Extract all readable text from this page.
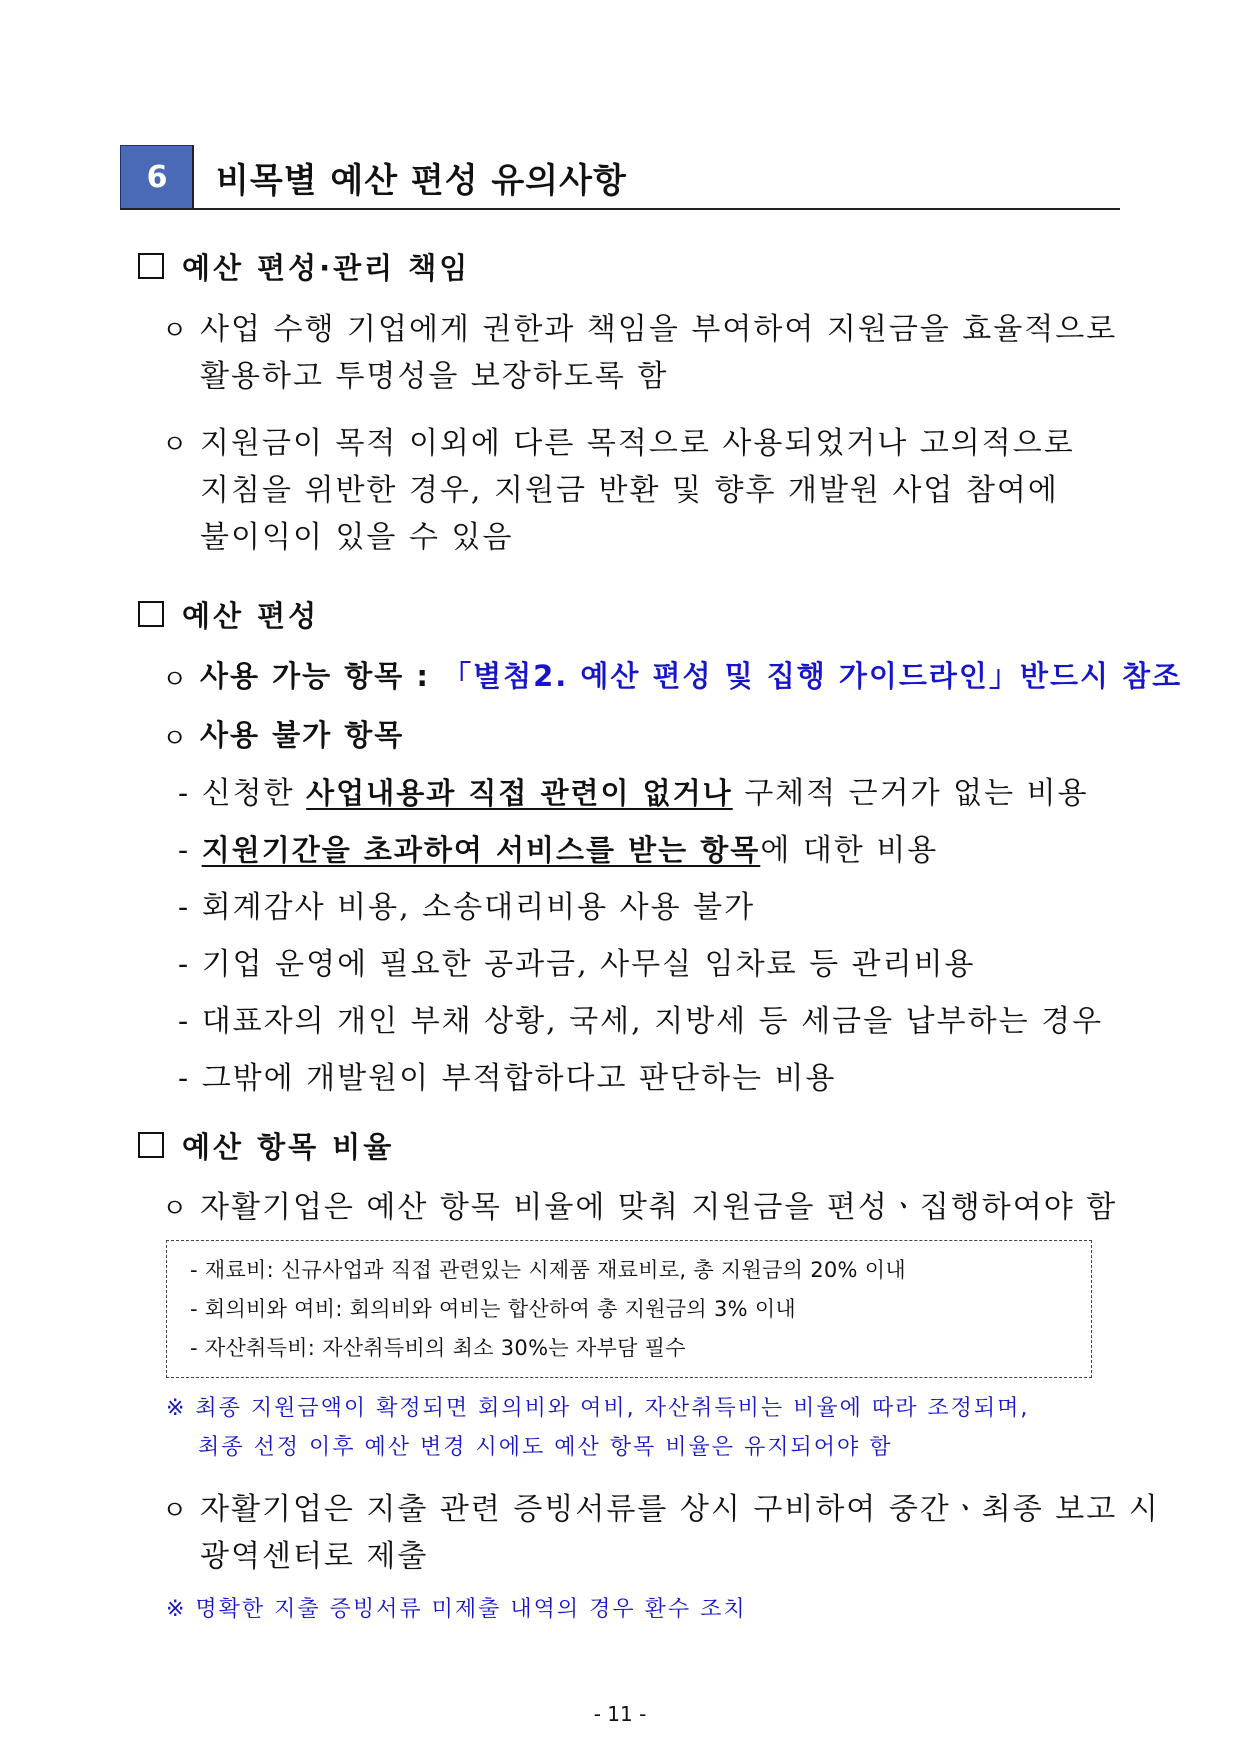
6	비목별 예산 편성 유의사항
예산 편성·관리 책임
ㅇ 사업 수행 기업에게 권한과 책임을 부여하여 지원금을 효율적으로
활용하고 투명성을 보장하도록 함
ㅇ 지원금이 목적 이외에 다른 목적으로 사용되었거나 고의적으로
지침을 위반한 경우, 지원금 반환 및 향후 개발원 사업 참여에
불이익이 있을 수 있음
예산 편성
ㅇ 사용 가능 항목 : 「별첨2. 예산 편성 및 집행 가이드라인」반드시 참조
ㅇ 사용 불가 항목
- 신청한 사업내용과 직접 관련이 없거나 구체적 근거가 없는 비용
- 지원기간을 초과하여 서비스를 받는 항목에 대한 비용
- 회계감사 비용, 소송대리비용 사용 불가
- 기업 운영에 필요한 공과금, 사무실 임차료 등 관리비용
- 대표자의 개인 부채 상황, 국세, 지방세 등 세금을 납부하는 경우
- 그밖에 개발원이 부적합하다고 판단하는 비용
예산 항목 비율
ㅇ 자활기업은 예산 항목 비율에 맞춰 지원금을 편성ㆍ집행하여야 함
- 재료비: 신규사업과 직접 관련있는 시제품 재료비로, 총 지원금의 20% 이내
- 회의비와 여비: 회의비와 여비는 합산하여 총 지원금의 3% 이내
- 자산취득비: 자산취득비의 최소 30%는 자부담 필수
※ 최종 지원금액이 확정되면 회의비와 여비, 자산취득비는 비율에 따라 조정되며,
최종 선정 이후 예산 변경 시에도 예산 항목 비율은 유지되어야 함
ㅇ 자활기업은 지출 관련 증빙서류를 상시 구비하여 중간ㆍ최종 보고 시
광역센터로 제출
※ 명확한 지출 증빙서류 미제출 내역의 경우 환수 조치
- 11 -
